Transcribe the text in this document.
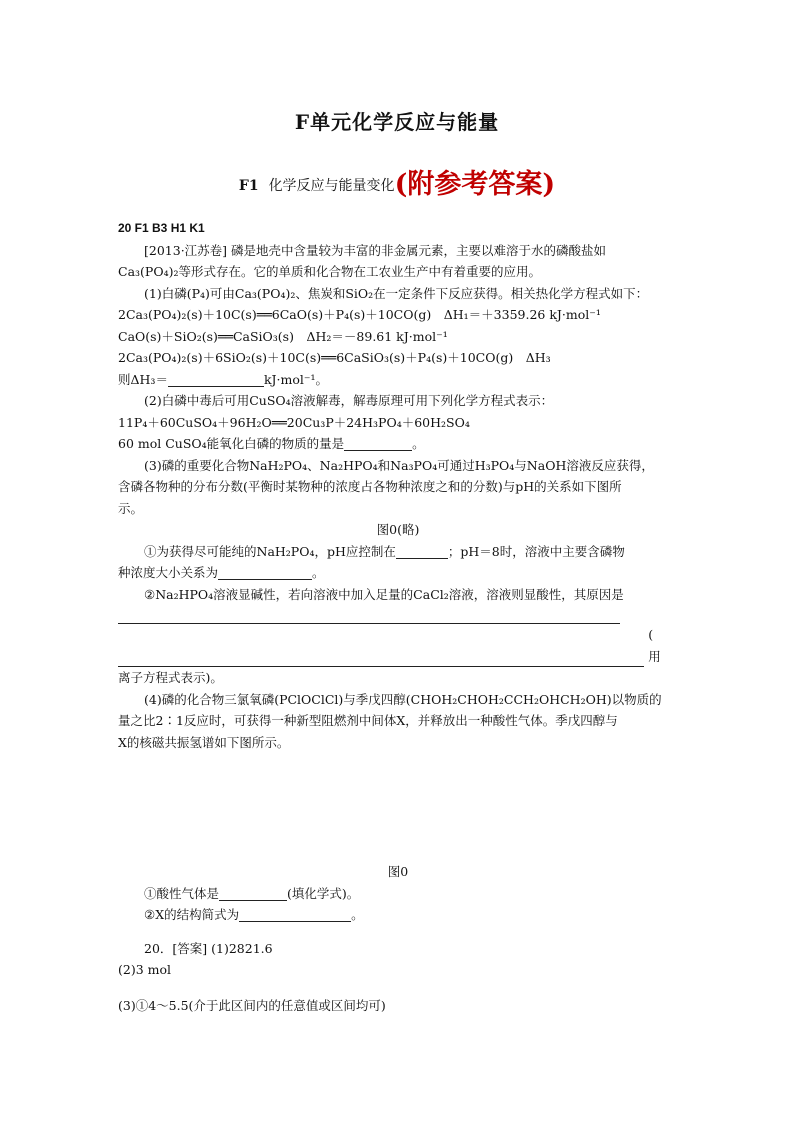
F单元化学反应与能量
F1 化学反应与能量变化(附参考答案)

20 F1 B3 H1 K1

[2013·江苏卷] 磷是地壳中含量较为丰富的非金属元素，主要以难溶于水的磷酸盐如

Ca₃(PO₄)₂等形式存在。它的单质和化合物在工农业生产中有着重要的应用。

(1)白磷(P₄)可由Ca₃(PO₄)₂、焦炭和SiO₂在一定条件下反应获得。相关热化学方程式如下：

2Ca₃(PO₄)₂(s)＋10C(s)══6CaO(s)＋P₄(s)＋10CO(g)　ΔH₁＝＋3359.26 kJ·mol⁻¹

CaO(s)＋SiO₂(s)══CaSiO₃(s)　ΔH₂＝－89.61 kJ·mol⁻¹

2Ca₃(PO₄)₂(s)＋6SiO₂(s)＋10C(s)══6CaSiO₃(s)＋P₄(s)＋10CO(g)　ΔH₃

则ΔH₃＝	kJ·mol⁻¹。

(2)白磷中毒后可用CuSO₄溶液解毒，解毒原理可用下列化学方程式表示：

11P₄＋60CuSO₄＋96H₂O══20Cu₃P＋24H₃PO₄＋60H₂SO₄

60 mol CuSO₄能氧化白磷的物质的量是	。

(3)磷的重要化合物NaH₂PO₄、Na₂HPO₄和Na₃PO₄可通过H₃PO₄与NaOH溶液反应获得，

含磷各物种的分布分数(平衡时某物种的浓度占各物种浓度之和的分数)与pH的关系如下图所

示。

图0(略)

①为获得尽可能纯的NaH₂PO₄，pH应控制在	；pH＝8时，溶液中主要含磷物

种浓度大小关系为	。

②Na₂HPO₄溶液显碱性，若向溶液中加入足量的CaCl₂溶液，溶液则显酸性，其原因是

(　用

离子方程式表示)。

(4)磷的化合物三氯氧磷(PClOClCl)与季戊四醇(CHOH₂CHOH₂CCH₂OHCH₂OH)以物质的

量之比2∶1反应时，可获得一种新型阻燃剂中间体X，并释放出一种酸性气体。季戊四醇与

X的核磁共振氢谱如下图所示。

图0

①酸性气体是	(填化学式)。

②X的结构简式为	。

20．[答案] (1)2821.6

(2)3 mol

(3)①4～5.5(介于此区间内的任意值或区间均可)
